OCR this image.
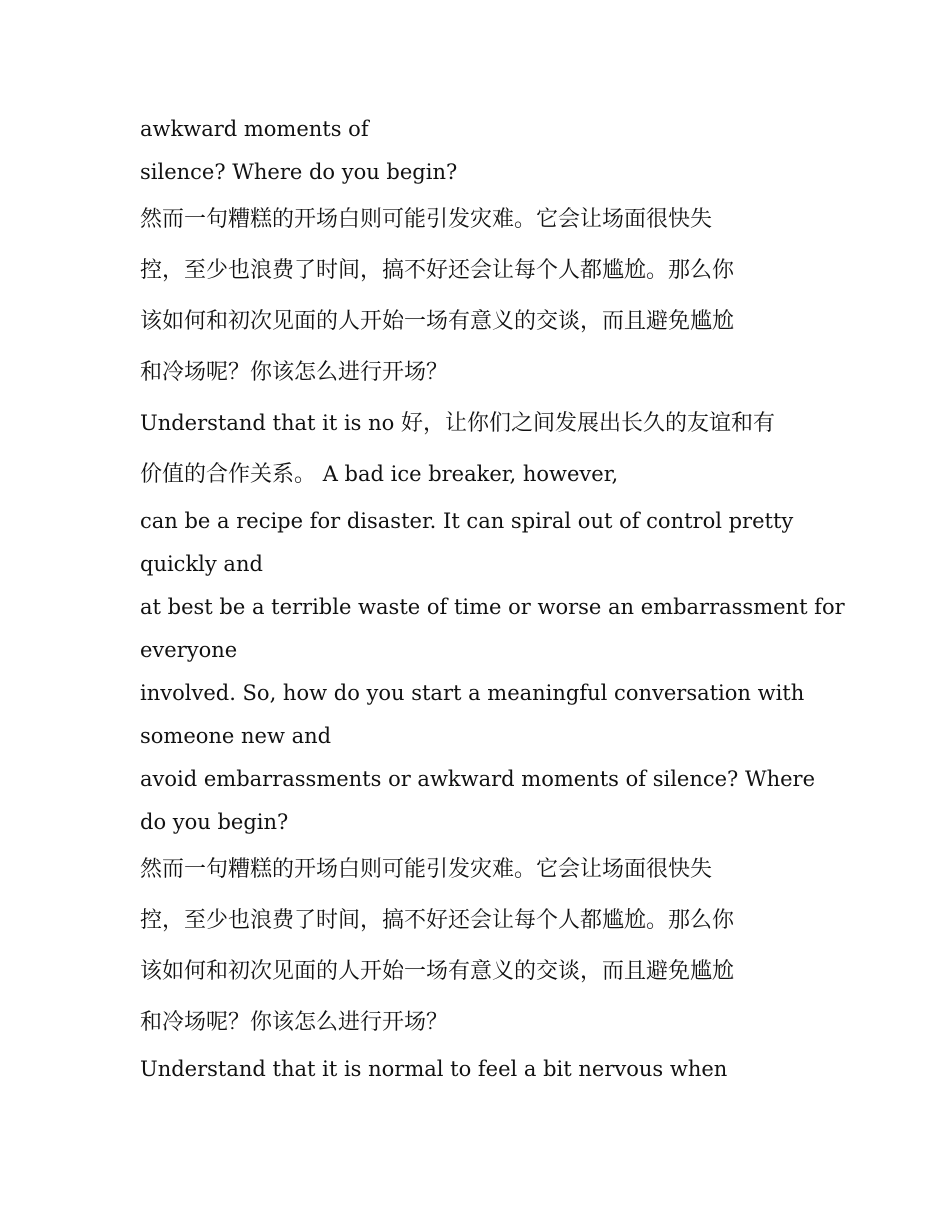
awkward moments of

silence? Where do you begin?

然而一句糟糕的开场白则可能引发灾难。它会让场面很快失

控，至少也浪费了时间，搞不好还会让每个人都尴尬。那么你

该如何和初次见面的人开始一场有意义的交谈，而且避免尴尬

和冷场呢？你该怎么进行开场？

Understand that it is no 好，让你们之间发展出长久的友谊和有

价值的合作关系。 A bad ice breaker, however,

can be a recipe for disaster. It can spiral out of control pretty

quickly and

at best be a terrible waste of time or worse an embarrassment for

everyone

involved. So, how do you start a meaningful conversation with

someone new and

avoid embarrassments or awkward moments of silence? Where

do you begin?

然而一句糟糕的开场白则可能引发灾难。它会让场面很快失

控，至少也浪费了时间，搞不好还会让每个人都尴尬。那么你

该如何和初次见面的人开始一场有意义的交谈，而且避免尴尬

和冷场呢？你该怎么进行开场？

Understand that it is normal to feel a bit nervous when
